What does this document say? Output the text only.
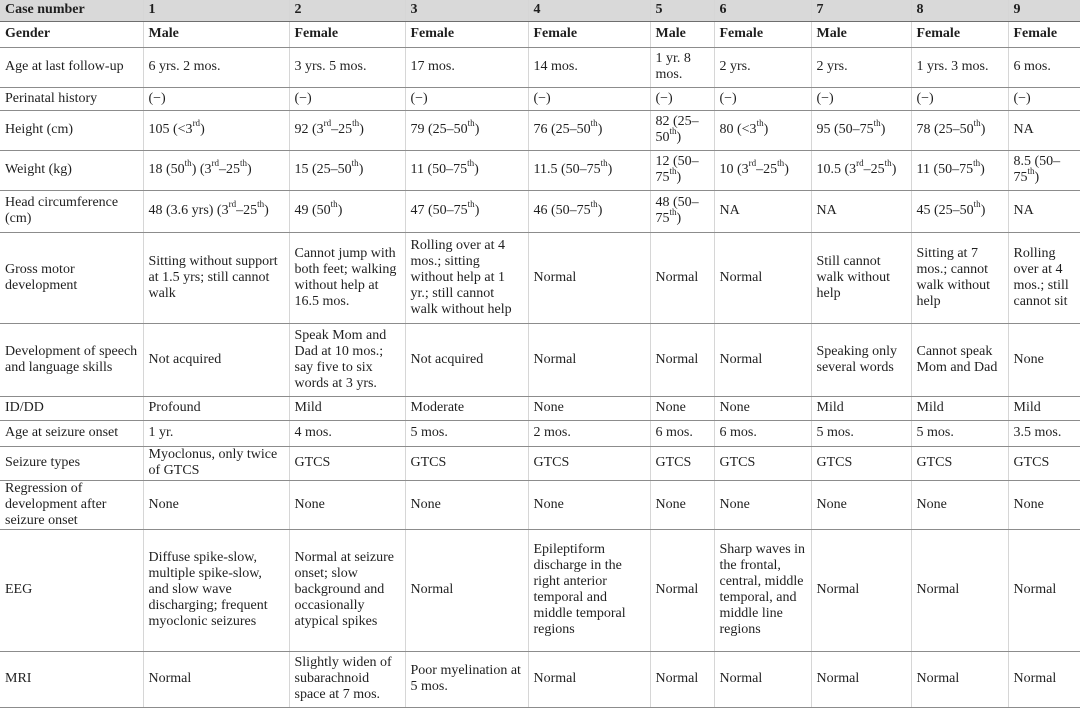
Case number	1	2	3	4	5	6	7	8	9
Gender	Male	Female	Female	Female	Male	Female	Male	Female	Female
Age at last follow-up	6 yrs. 2 mos.	3 yrs. 5 mos.	17 mos.	14 mos.	1 yr. 8 mos.	2 yrs.	2 yrs.	1 yrs. 3 mos.	6 mos.
Perinatal history	(−)	(−)	(−)	(−)	(−)	(−)	(−)	(−)	(−)
Height (cm)	105 (<3rd)	92 (3rd–25th)	79 (25–50th)	76 (25–50th)	82 (25–50th)	80 (<3th)	95 (50–75th)	78 (25–50th)	NA
Weight (kg)	18 (50th) (3rd–25th)	15 (25–50th)	11 (50–75th)	11.5 (50–75th)	12 (50–75th)	10 (3rd–25th)	10.5 (3rd–25th)	11 (50–75th)	8.5 (50–75th)
Head circumference (cm)	48 (3.6 yrs) (3rd–25th)	49 (50th)	47 (50–75th)	46 (50–75th)	48 (50–75th)	NA	NA	45 (25–50th)	NA
Gross motor development	Sitting without support at 1.5 yrs; still cannot walk	Cannot jump with both feet; walking without help at 16.5 mos.	Rolling over at 4 mos.; sitting without help at 1 yr.; still cannot walk without help	Normal	Normal	Normal	Still cannot walk without help	Sitting at 7 mos.; cannot walk without help	Rolling over at 4 mos.; still cannot sit
Development of speech and language skills	Not acquired	Speak Mom and Dad at 10 mos.; say five to six words at 3 yrs.	Not acquired	Normal	Normal	Normal	Speaking only several words	Cannot speak Mom and Dad	None
ID/DD	Profound	Mild	Moderate	None	None	None	Mild	Mild	Mild
Age at seizure onset	1 yr.	4 mos.	5 mos.	2 mos.	6 mos.	6 mos.	5 mos.	5 mos.	3.5 mos.
Seizure types	Myoclonus, only twice of GTCS	GTCS	GTCS	GTCS	GTCS	GTCS	GTCS	GTCS	GTCS
Regression of development after seizure onset	None	None	None	None	None	None	None	None	None
EEG	Diffuse spike-slow, multiple spike-slow, and slow wave discharging; frequent myoclonic seizures	Normal at seizure onset; slow background and occasionally atypical spikes	Normal	Epileptiform discharge in the right anterior temporal and middle temporal regions	Normal	Sharp waves in the frontal, central, middle temporal, and middle line regions	Normal	Normal	Normal
MRI	Normal	Slightly widen of subarachnoid space at 7 mos.	Poor myelination at 5 mos.	Normal	Normal	Normal	Normal	Normal	Normal
